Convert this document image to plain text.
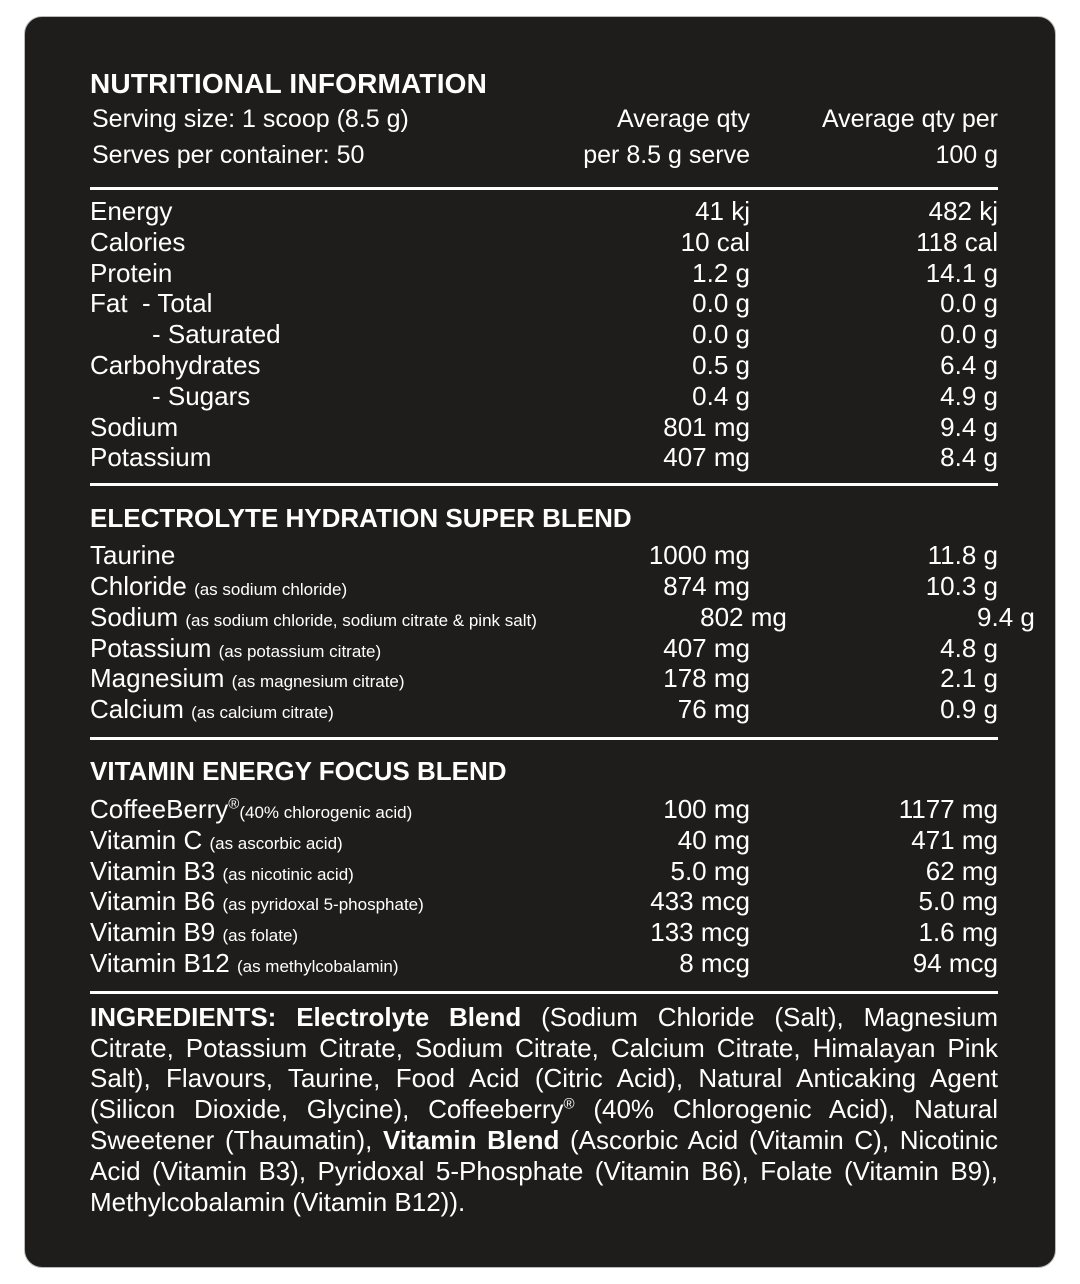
NUTRITIONAL INFORMATION
Serving size: 1 scoop (8.5 g)	Average qty	Average qty per
Serves per container: 50	per 8.5 g serve	100 g
Energy	41 kj	482 kj
Calories	10 cal	118 cal
Protein	1.2 g	14.1 g
Fat  - Total	0.0 g	0.0 g
- Saturated	0.0 g	0.0 g
Carbohydrates	0.5 g	6.4 g
- Sugars	0.4 g	4.9 g
Sodium	801 mg	9.4 g
Potassium	407 mg	8.4 g
ELECTROLYTE HYDRATION SUPER BLEND
Taurine	1000 mg	11.8 g
Chloride (as sodium chloride)	874 mg	10.3 g
Sodium (as sodium chloride, sodium citrate & pink salt)	802 mg	9.4 g
Potassium (as potassium citrate)	407 mg	4.8 g
Magnesium (as magnesium citrate)	178 mg	2.1 g
Calcium (as calcium citrate)	76 mg	0.9 g
VITAMIN ENERGY FOCUS BLEND
CoffeeBerry®(40% chlorogenic acid)	100 mg	1177 mg
Vitamin C (as ascorbic acid)	40 mg	471 mg
Vitamin B3 (as nicotinic acid)	5.0 mg	62 mg
Vitamin B6 (as pyridoxal 5-phosphate)	433 mcg	5.0 mg
Vitamin B9 (as folate)	133 mcg	1.6 mg
Vitamin B12 (as methylcobalamin)	8 mcg	94 mcg

INGREDIENTS: Electrolyte Blend (Sodium Chloride (Salt), Magnesium Citrate, Potassium Citrate, Sodium Citrate, Calcium Citrate, Himalayan Pink Salt), Flavours, Taurine, Food Acid (Citric Acid), Natural Anticaking Agent (Silicon Dioxide, Glycine), Coffeeberry® (40% Chlorogenic Acid), Natural Sweetener (Thaumatin), Vitamin Blend (Ascorbic Acid (Vitamin C), Nicotinic Acid (Vitamin B3), Pyridoxal 5-Phosphate (Vitamin B6), Folate (Vitamin B9), Methylcobalamin (Vitamin B12)).
